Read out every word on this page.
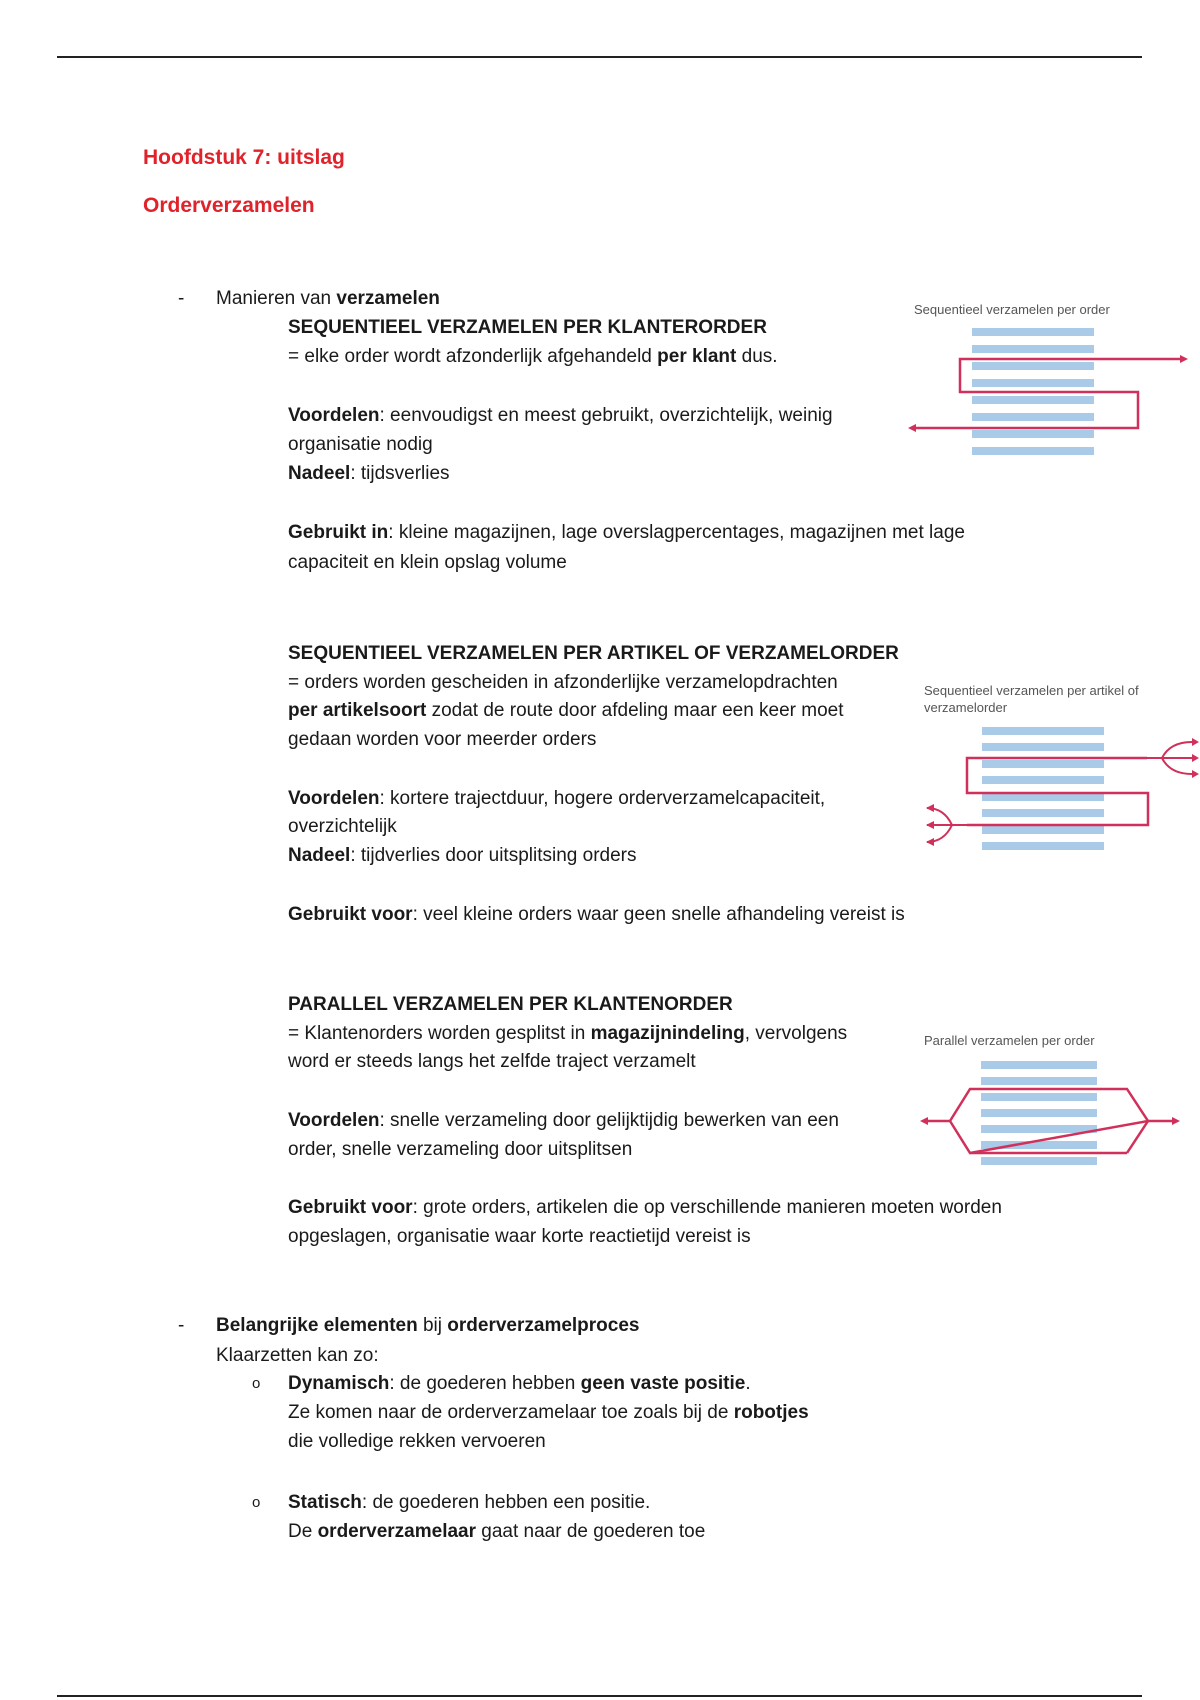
Hoofdstuk 7: uitslag
Orderverzamelen
- Manieren van verzamelen
SEQUENTIEEL VERZAMELEN PER KLANTERORDER
= elke order wordt afzonderlijk afgehandeld per klant dus.
Voordelen: eenvoudigst en meest gebruikt, overzichtelijk, weinig
organisatie nodig
Nadeel: tijdsverlies
Gebruikt in: kleine magazijnen, lage overslagpercentages, magazijnen met lage
capaciteit en klein opslag volume
Sequentieel verzamelen per order
SEQUENTIEEL VERZAMELEN PER ARTIKEL OF VERZAMELORDER
= orders worden gescheiden in afzonderlijke verzamelopdrachten
per artikelsoort zodat de route door afdeling maar een keer moet
gedaan worden voor meerder orders
Voordelen: kortere trajectduur, hogere orderverzamelcapaciteit,
overzichtelijk
Nadeel: tijdverlies door uitsplitsing orders
Gebruikt voor: veel kleine orders waar geen snelle afhandeling vereist is
Sequentieel verzamelen per artikel of
verzamelorder
PARALLEL VERZAMELEN PER KLANTENORDER
= Klantenorders worden gesplitst in magazijnindeling, vervolgens
word er steeds langs het zelfde traject verzamelt
Voordelen: snelle verzameling door gelijktijdig bewerken van een
order, snelle verzameling door uitsplitsen
Gebruikt voor: grote orders, artikelen die op verschillende manieren moeten worden
opgeslagen, organisatie waar korte reactietijd vereist is
Parallel verzamelen per order
- Belangrijke elementen bij orderverzamelproces
Klaarzetten kan zo:
o Dynamisch: de goederen hebben geen vaste positie.
Ze komen naar de orderverzamelaar toe zoals bij de robotjes
die volledige rekken vervoeren
o Statisch: de goederen hebben een positie.
De orderverzamelaar gaat naar de goederen toe
